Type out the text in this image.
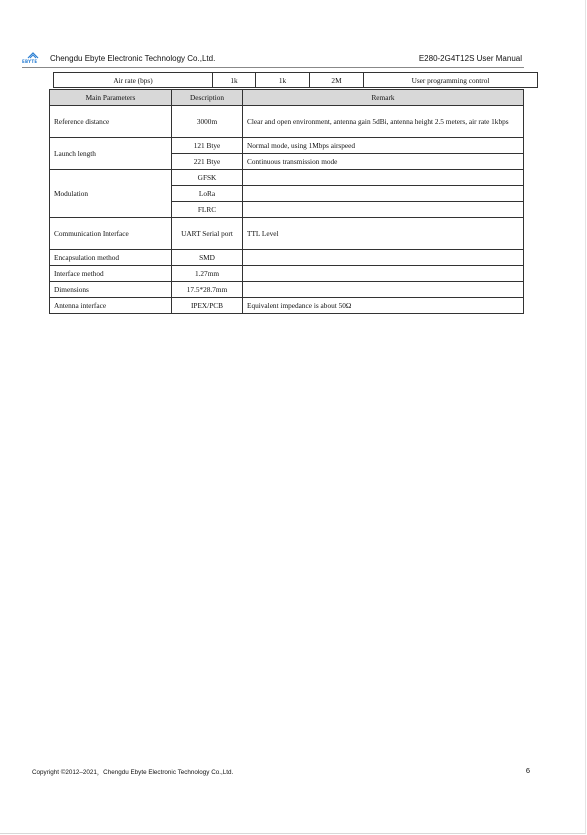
EBYTE Chengdu Ebyte Electronic Technology Co.,Ltd.	E280-2G4T12S User Manual
Air rate (bps)	1k	1k	2M	User programming control
Main Parameters	Description	Remark
Reference distance	3000m	Clear and open environment, antenna gain 5dBi, antenna height 2.5 meters, air rate 1kbps
Launch length	121 Btye	Normal mode, using 1Mbps airspeed
	221 Btye	Continuous transmission mode
Modulation	GFSK	
	LoRa	
	FLRC	
Communication Interface	UART Serial port	TTL Level
Encapsulation method	SMD	
Interface method	1.27mm	
Dimensions	17.5*28.7mm	
Antenna interface	IPEX/PCB	Equivalent impedance is about 50Ω
Copyright ©2012–2021，Chengdu Ebyte Electronic Technology Co.,Ltd.	6
